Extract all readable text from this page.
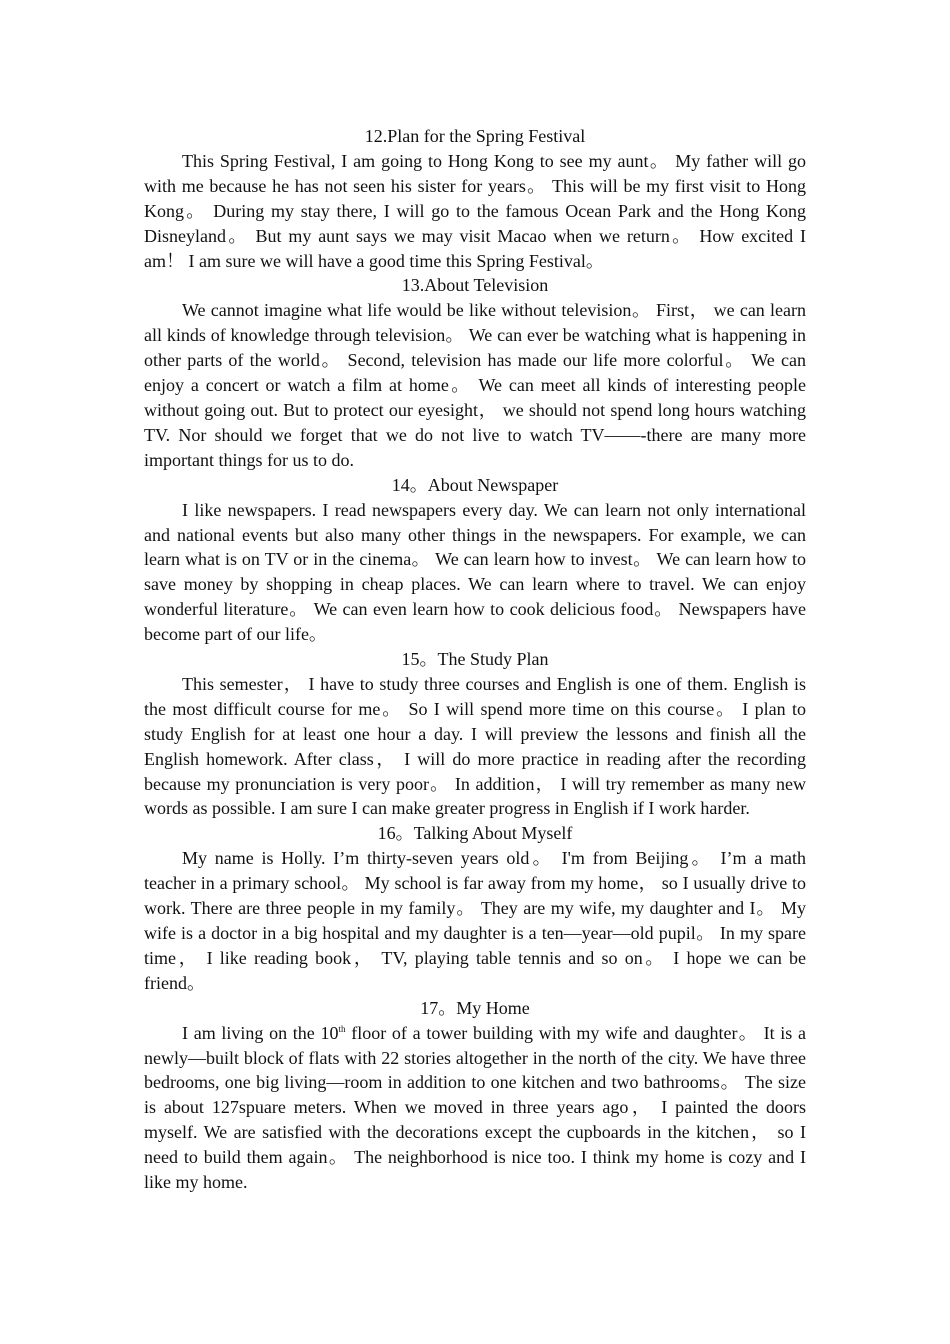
12.Plan for the Spring Festival

This Spring Festival, I am going to Hong Kong to see my aunt。 My father will go with me because he has not seen his sister for years。 This will be my first visit to Hong Kong。 During my stay there, I will go to the famous Ocean Park and the Hong Kong Disneyland。 But my aunt says we may visit Macao when we return。 How excited I am！ I am sure we will have a good time this Spring Festival。

13.About Television

We cannot imagine what life would be like without television。 First， we can learn all kinds of knowledge through television。 We can ever be watching what is happening in other parts of the world。 Second, television has made our life more colorful。 We can enjoy a concert or watch a film at home。 We can meet all kinds of interesting people without going out. But to protect our eyesight， we should not spend long hours watching TV. Nor should we forget that we do not live to watch TV——-there are many more important things for us to do.

14。About Newspaper

I like newspapers. I read newspapers every day. We can learn not only international and national events but also many other things in the newspapers. For example, we can learn what is on TV or in the cinema。 We can learn how to invest。 We can learn how to save money by shopping in cheap places. We can learn where to travel. We can enjoy wonderful literature。 We can even learn how to cook delicious food。 Newspapers have become part of our life。

15。The Study Plan

This semester， I have to study three courses and English is one of them. English is the most difficult course for me。 So I will spend more time on this course。 I plan to study English for at least one hour a day. I will preview the lessons and finish all the English homework. After class， I will do more practice in reading after the recording because my pronunciation is very poor。 In addition， I will try remember as many new words as possible. I am sure I can make greater progress in English if I work harder.

16。Talking About Myself

My name is Holly. I’m thirty-seven years old。 I'm from Beijing。 I’m a math teacher in a primary school。 My school is far away from my home， so I usually drive to work. There are three people in my family。 They are my wife, my daughter and I。 My wife is a doctor in a big hospital and my daughter is a ten—year—old pupil。 In my spare time， I like reading book， TV, playing table tennis and so on。 I hope we can be friend。

17。My Home

I am living on the 10th floor of a tower building with my wife and daughter。 It is a newly—built block of flats with 22 stories altogether in the north of the city. We have three bedrooms, one big living—room in addition to one kitchen and two bathrooms。 The size is about 127spuare meters. When we moved in three years ago， I painted the doors myself. We are satisfied with the decorations except the cupboards in the kitchen， so I need to build them again。 The neighborhood is nice too. I think my home is cozy and I like my home.
